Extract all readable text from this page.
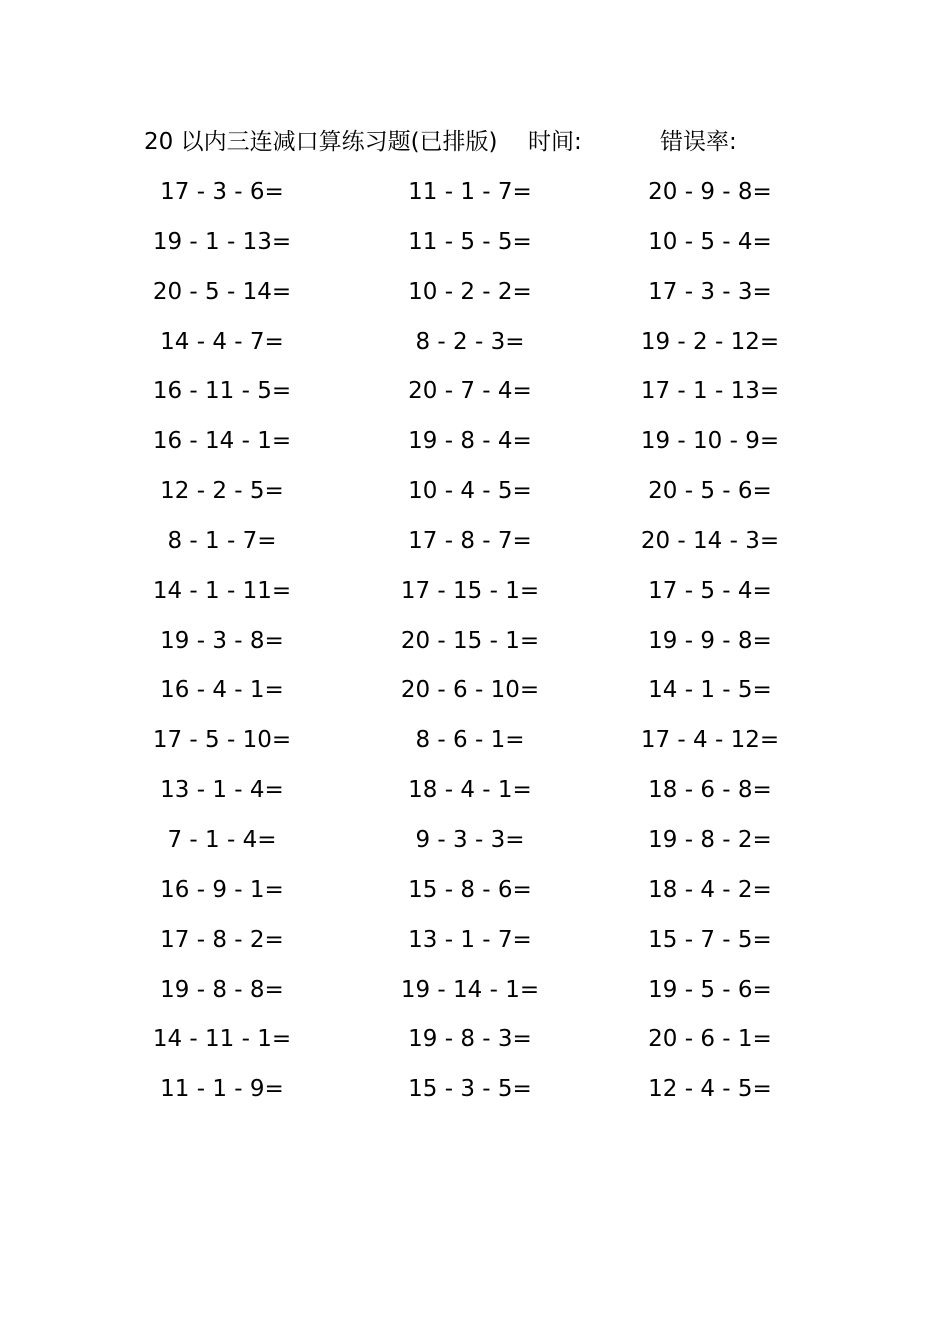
20 以内三连减口算练习题(已排版) 时间:	错误率:
17 - 3 - 6=	11 - 1 - 7=	20 - 9 - 8=
19 - 1 - 13=	11 - 5 - 5=	10 - 5 - 4=
20 - 5 - 14=	10 - 2 - 2=	17 - 3 - 3=
14 - 4 - 7=	8 - 2 - 3=	19 - 2 - 12=
16 - 11 - 5=	20 - 7 - 4=	17 - 1 - 13=
16 - 14 - 1=	19 - 8 - 4=	19 - 10 - 9=
12 - 2 - 5=	10 - 4 - 5=	20 - 5 - 6=
8 - 1 - 7=	17 - 8 - 7=	20 - 14 - 3=
14 - 1 - 11=	17 - 15 - 1=	17 - 5 - 4=
19 - 3 - 8=	20 - 15 - 1=	19 - 9 - 8=
16 - 4 - 1=	20 - 6 - 10=	14 - 1 - 5=
17 - 5 - 10=	8 - 6 - 1=	17 - 4 - 12=
13 - 1 - 4=	18 - 4 - 1=	18 - 6 - 8=
7 - 1 - 4=	9 - 3 - 3=	19 - 8 - 2=
16 - 9 - 1=	15 - 8 - 6=	18 - 4 - 2=
17 - 8 - 2=	13 - 1 - 7=	15 - 7 - 5=
19 - 8 - 8=	19 - 14 - 1=	19 - 5 - 6=
14 - 11 - 1=	19 - 8 - 3=	20 - 6 - 1=
11 - 1 - 9=	15 - 3 - 5=	12 - 4 - 5=
